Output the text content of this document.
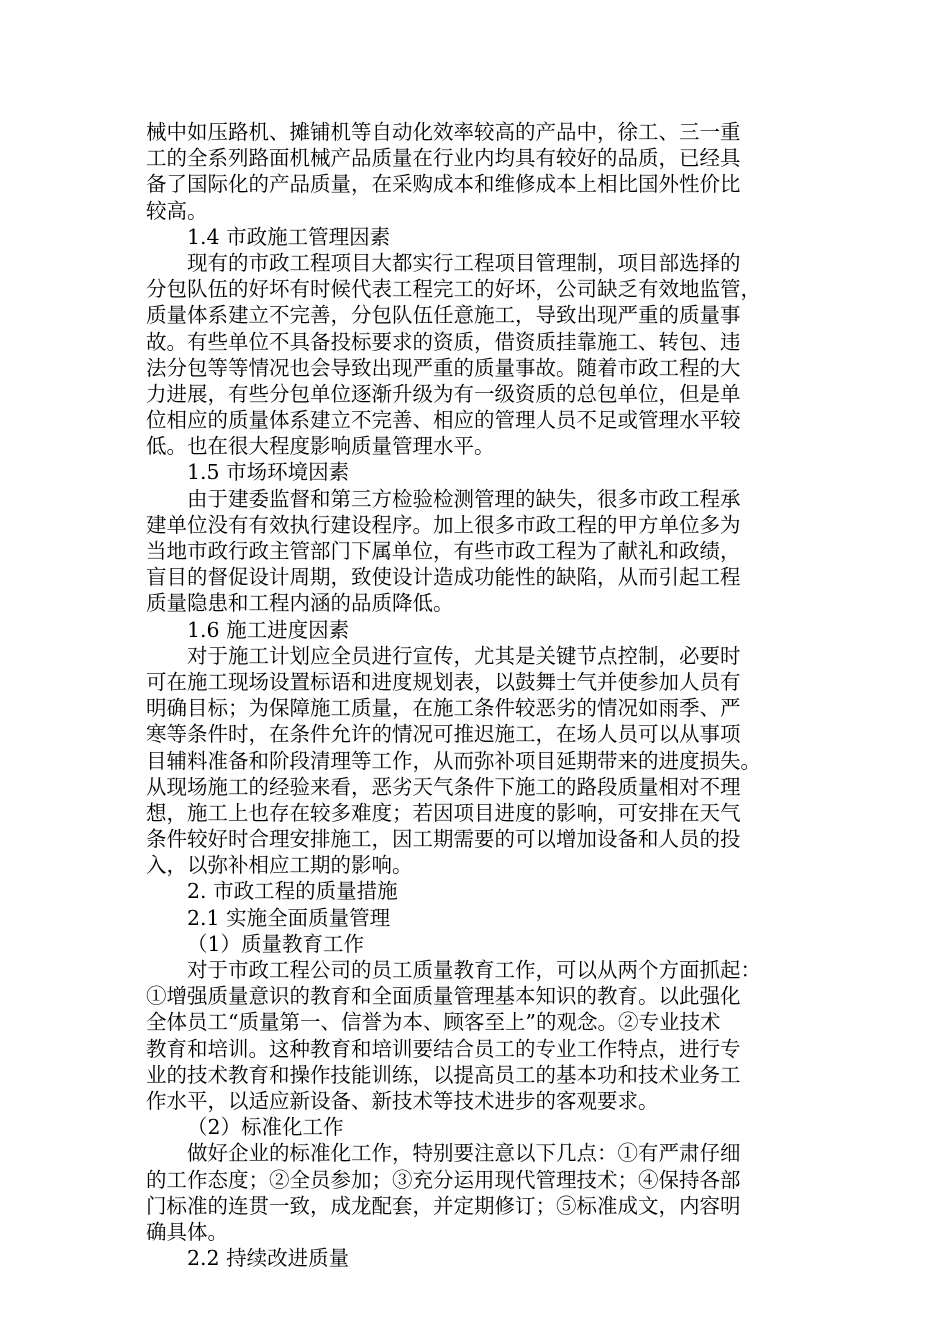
械中如压路机、摊铺机等自动化效率较高的产品中，徐工、三一重
工的全系列路面机械产品质量在行业内均具有较好的品质，已经具
备了国际化的产品质量，在采购成本和维修成本上相比国外性价比
较高。
1.4 市政施工管理因素
现有的市政工程项目大都实行工程项目管理制，项目部选择的
分包队伍的好坏有时候代表工程完工的好坏，公司缺乏有效地监管，
质量体系建立不完善，分包队伍任意施工，导致出现严重的质量事
故。有些单位不具备投标要求的资质，借资质挂靠施工、转包、违
法分包等等情况也会导致出现严重的质量事故。随着市政工程的大
力进展，有些分包单位逐渐升级为有一级资质的总包单位，但是单
位相应的质量体系建立不完善、相应的管理人员不足或管理水平较
低。也在很大程度影响质量管理水平。
1.5 市场环境因素
由于建委监督和第三方检验检测管理的缺失，很多市政工程承
建单位没有有效执行建设程序。加上很多市政工程的甲方单位多为
当地市政行政主管部门下属单位，有些市政工程为了献礼和政绩，
盲目的督促设计周期，致使设计造成功能性的缺陷，从而引起工程
质量隐患和工程内涵的品质降低。
1.6 施工进度因素
对于施工计划应全员进行宣传，尤其是关键节点控制，必要时
可在施工现场设置标语和进度规划表，以鼓舞士气并使参加人员有
明确目标；为保障施工质量，在施工条件较恶劣的情况如雨季、严
寒等条件时，在条件允许的情况可推迟施工，在场人员可以从事项
目辅料准备和阶段清理等工作，从而弥补项目延期带来的进度损失。
从现场施工的经验来看，恶劣天气条件下施工的路段质量相对不理
想，施工上也存在较多难度；若因项目进度的影响，可安排在天气
条件较好时合理安排施工，因工期需要的可以增加设备和人员的投
入，以弥补相应工期的影响。
2. 市政工程的质量措施
2.1 实施全面质量管理
（1）质量教育工作
对于市政工程公司的员工质量教育工作，可以从两个方面抓起：
①增强质量意识的教育和全面质量管理基本知识的教育。以此强化
全体员工“质量第一、信誉为本、顾客至上”的观念。②专业技术
教育和培训。这种教育和培训要结合员工的专业工作特点，进行专
业的技术教育和操作技能训练，以提高员工的基本功和技术业务工
作水平，以适应新设备、新技术等技术进步的客观要求。
（2）标准化工作
做好企业的标准化工作，特别要注意以下几点：①有严肃仔细
的工作态度；②全员参加；③充分运用现代管理技术；④保持各部
门标准的连贯一致，成龙配套，并定期修订；⑤标准成文，内容明
确具体。
2.2 持续改进质量
